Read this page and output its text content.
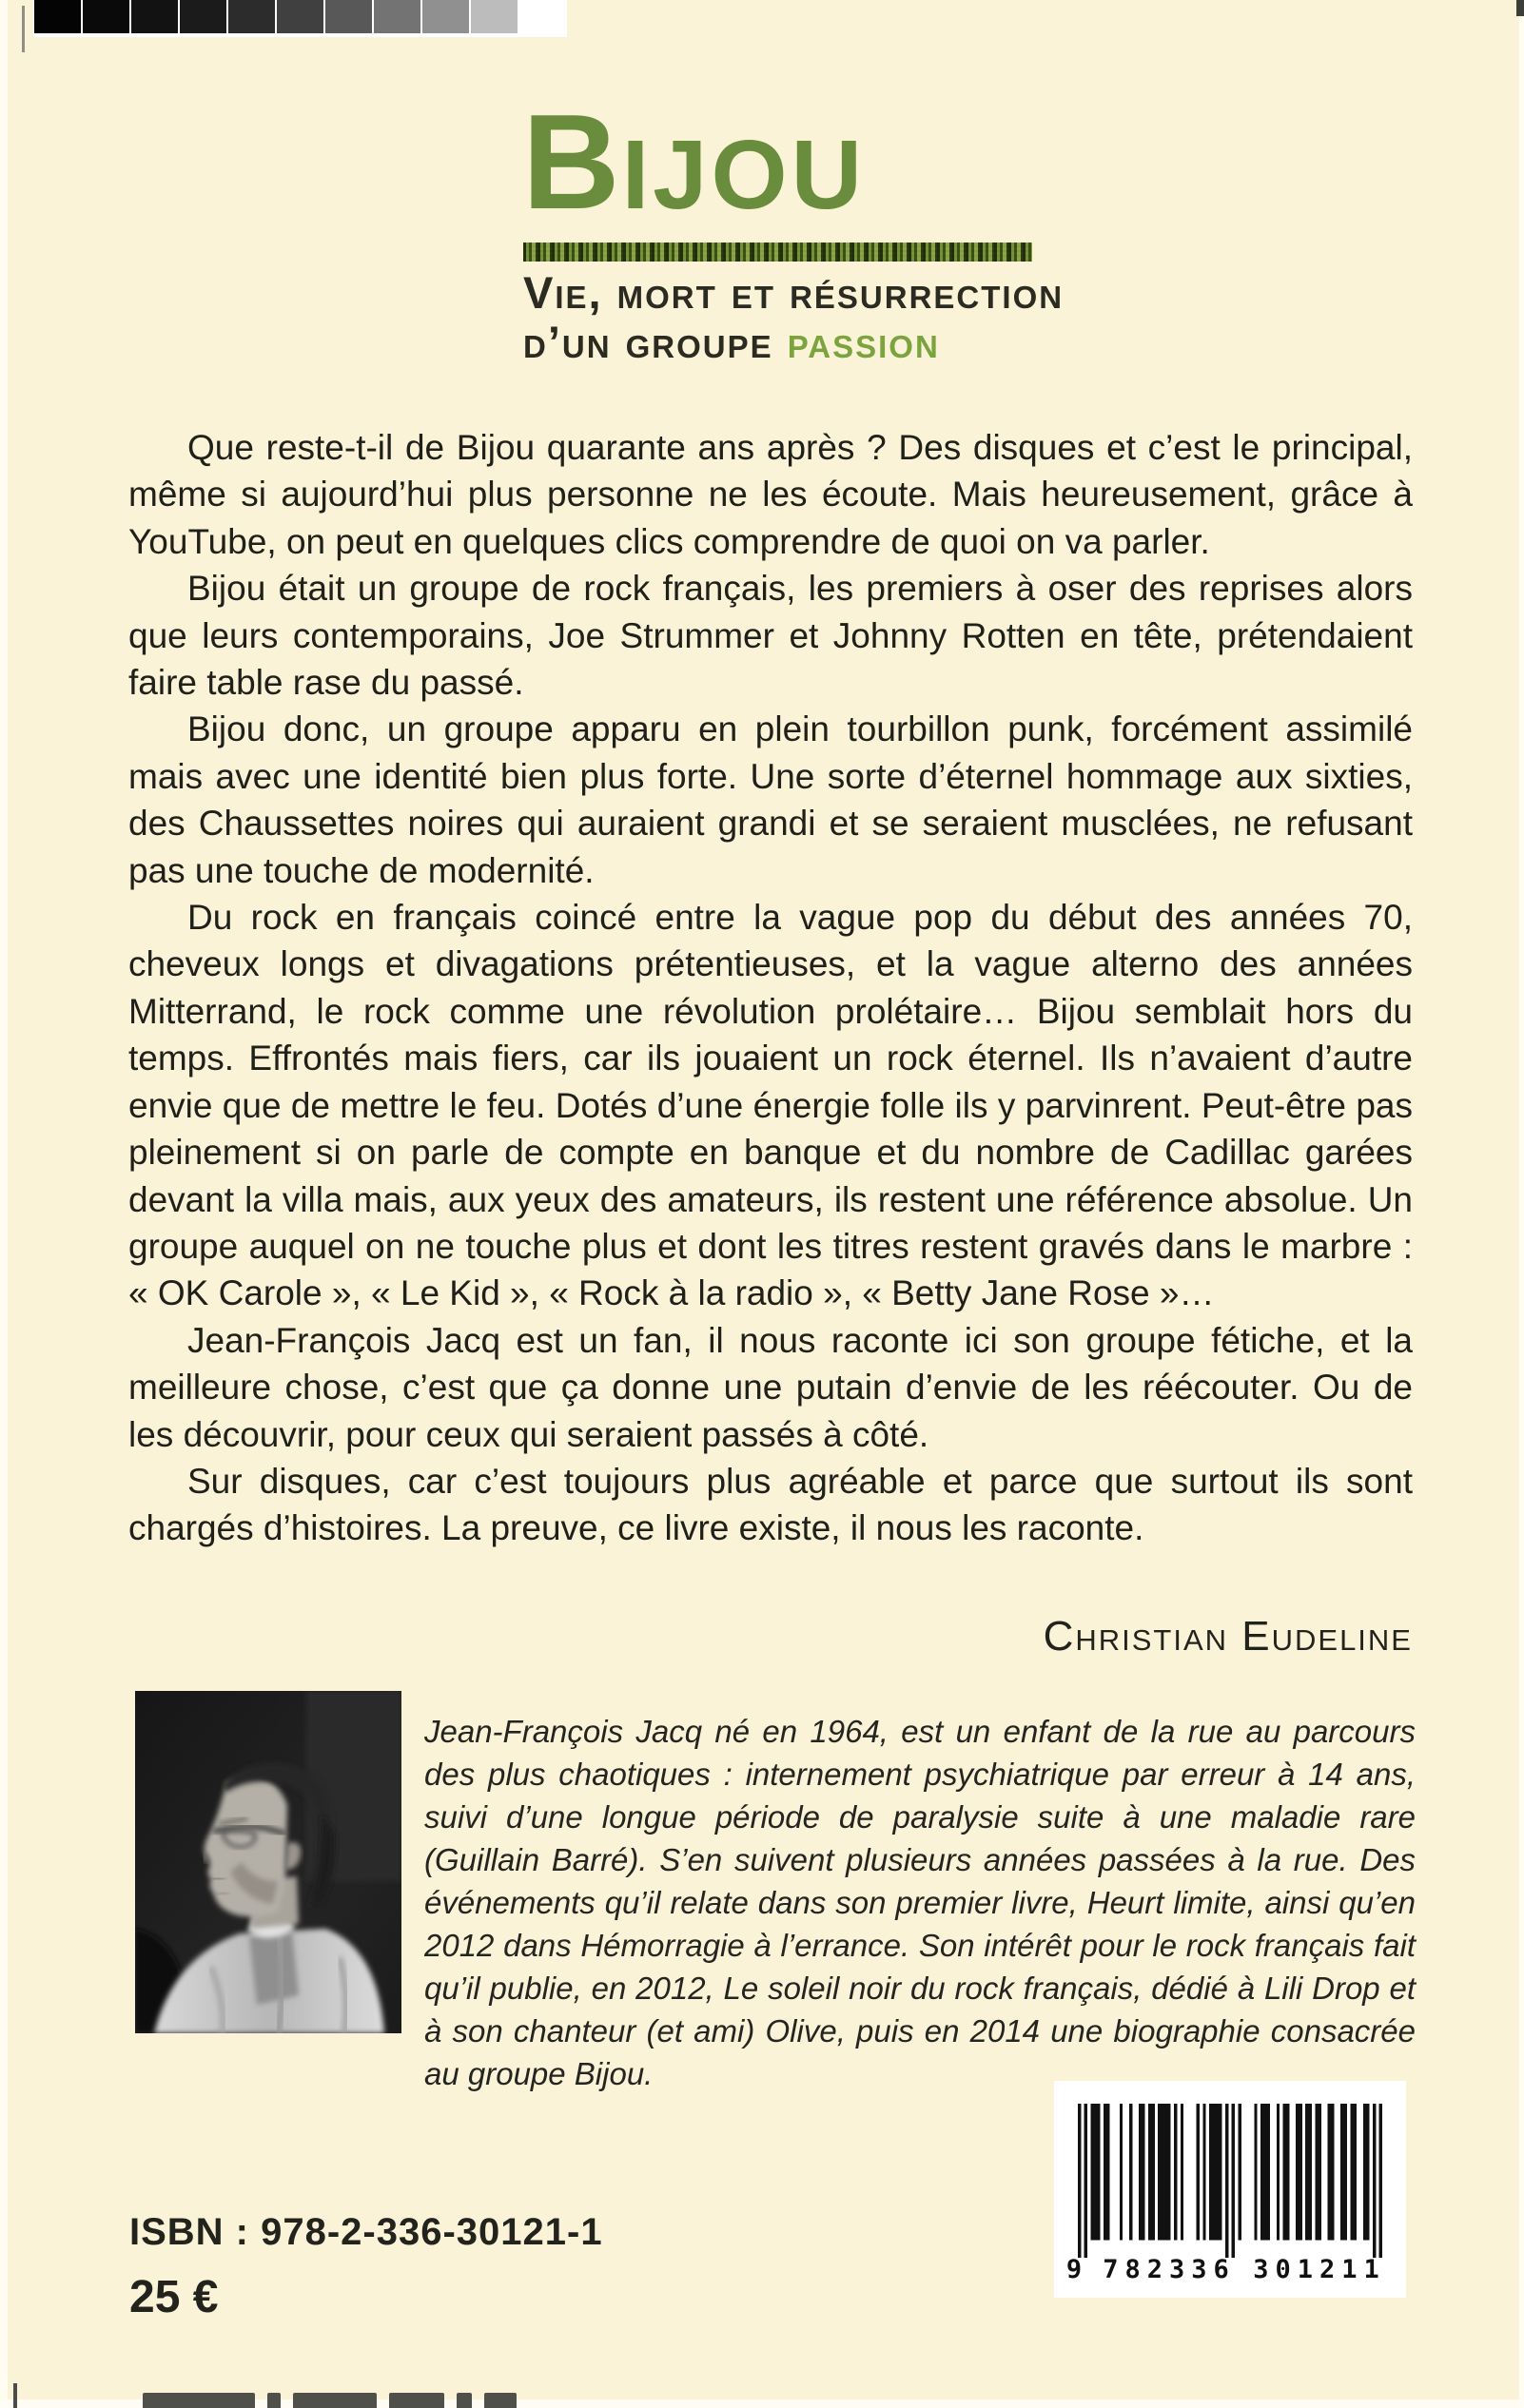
BIJOU
Vie, mort et résurrection
d’un groupe passion

Que reste-t-il de Bijou quarante ans après ? Des disques et c’est le principal, même si aujourd’hui plus personne ne les écoute. Mais heureusement, grâce à YouTube, on peut en quelques clics comprendre de quoi on va parler.

Bijou était un groupe de rock français, les premiers à oser des reprises alors que leurs contemporains, Joe Strummer et Johnny Rotten en tête, prétendaient faire table rase du passé.

Bijou donc, un groupe apparu en plein tourbillon punk, forcément assimilé mais avec une identité bien plus forte. Une sorte d’éternel hommage aux sixties, des Chaussettes noires qui auraient grandi et se seraient musclées, ne refusant pas une touche de modernité.

Du rock en français coincé entre la vague pop du début des années 70, cheveux longs et divagations prétentieuses, et la vague alterno des années Mitterrand, le rock comme une révolution prolétaire… Bijou semblait hors du temps. Effrontés mais fiers, car ils jouaient un rock éternel. Ils n’avaient d’autre envie que de mettre le feu. Dotés d’une énergie folle ils y parvinrent. Peut-être pas pleinement si on parle de compte en banque et du nombre de Cadillac garées devant la villa mais, aux yeux des amateurs, ils restent une référence absolue. Un groupe auquel on ne touche plus et dont les titres restent gravés dans le marbre : « OK Carole », « Le Kid », « Rock à la radio », « Betty Jane Rose »…

Jean-François Jacq est un fan, il nous raconte ici son groupe fétiche, et la meilleure chose, c’est que ça donne une putain d’envie de les réécouter. Ou de les découvrir, pour ceux qui seraient passés à côté.

Sur disques, car c’est toujours plus agréable et parce que surtout ils sont chargés d’histoires. La preuve, ce livre existe, il nous les raconte.

Christian Eudeline
Jean-François Jacq né en 1964, est un enfant de la rue au parcours des plus chaotiques : internement psychiatrique par erreur à 14 ans, suivi d’une longue période de paralysie suite à une maladie rare (Guillain Barré). S’en suivent plusieurs années passées à la rue. Des événements qu’il relate dans son premier livre, Heurt limite, ainsi qu’en 2012 dans Hémorragie à l’errance. Son intérêt pour le rock français fait qu’il publie, en 2012, Le soleil noir du rock français, dédié à Lili Drop et à son chanteur (et ami) Olive, puis en 2014 une biographie consacrée au groupe Bijou.
ISBN : 978-2-336-30121-1
25 €
9 782336 301211
